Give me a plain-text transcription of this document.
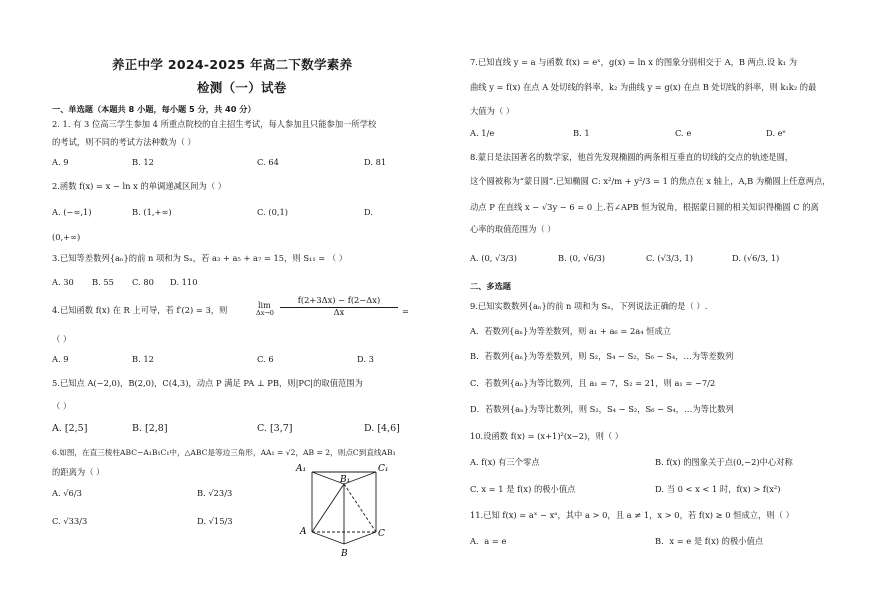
养正中学 2024-2025 年高二下数学素养
检测（一）试卷
一、单选题（本题共 8 小题，每小题 5 分，共 40 分）
2. 1. 有 3 位高三学生参加 4 所重点院校的自主招生考试，每人参加且只能参加一所学校
的考试，则不同的考试方法种数为（ ）
A. 9	B. 12	C. 64	D. 81
2.函数 f(x) = x − ln x 的单调递减区间为（ ）
A. (−∞,1)	B. (1,+∞)	C. (0,1)	D.
(0,+∞)
3.已知等差数列{aₙ}的前 n 项和为 Sₙ，若 a₃ + a₅ + a₇ = 15，则 S₁₁ = （ ）
A. 30 B. 55 C. 80 D. 110
4.已知函数 f(x) 在 R 上可导，若 f′(2) = 3，则	lim
$\Delta x\to 0 \frac{f(2+3\Delta x) - f(2-\Delta x)}{\Delta x}$ =
（ ）
A. 9	B. 12	C. 6	D. 3
5.已知点 A(−2,0)，B(2,0)，C(4,3)，动点 P 满足 PA ⊥ PB，则|PC|的取值范围为
（ ）
A. [2,5]	B. [2,8]	C. [3,7]	D. [4,6]
6.如图，在直三棱柱ABC−A₁B₁C₁中，△ABC是等边三角形，AA₁ = √2，AB = 2，则点C到直线AB₁
的距离为（ ）
A. √6/3	B. √23/3
C. √33/3	D. √15/3
A₁	C₁
B₁
A	C
B
7.已知直线 y = a 与函数 f(x) = eˣ，g(x) = ln x 的图象分别相交于 A，B 两点.设 k₁ 为
曲线 y = f(x) 在点 A 处切线的斜率，k₂ 为曲线 y = g(x) 在点 B 处切线的斜率，则 k₁k₂ 的最
大值为（ ）
A. 1/e	B. 1	C. e	D. eᵉ
8.蒙日是法国著名的数学家，他首先发现椭圆的两条相互垂直的切线的交点的轨迹是圆，
这个圆被称为“蒙日圆”.已知椭圆 C: x²/m + y²/3 = 1 的焦点在 x 轴上，A,B 为椭圆上任意两点，
动点 P 在直线 x − √3y − 6 = 0 上.若∠APB 恒为锐角，根据蒙日圆的相关知识得椭圆 C 的离
心率的取值范围为（ ）
A. (0, √3/3)	B. (0, √6/3)	C. (√3/3, 1)	D. (√6/3, 1)
二、多选题
9.已知实数数列{aₙ}的前 n 项和为 Sₙ，下列说法正确的是（ ）.
A．若数列{aₙ}为等差数列，则 a₁ + a₆ = 2a₄ 恒成立
B．若数列{aₙ}为等差数列，则 S₂，S₄ − S₂，S₆ − S₄，…为等差数列
C．若数列{aₙ}为等比数列，且 a₁ = 7，S₂ = 21，则 a₁ = −7/2
D．若数列{aₙ}为等比数列，则 S₂，S₄ − S₂，S₆ − S₄，…为等比数列
10.设函数 f(x) = (x+1)²(x−2)，则（ ）
A. f(x) 有三个零点	B. f(x) 的图象关于点(0,−2)中心对称
C. x = 1 是 f(x) 的极小值点	D. 当 0 < x < 1 时，f(x) > f(x²)
11.已知 f(x) = aˣ − xᵃ，其中 a > 0，且 a ≠ 1，x > 0，若 f(x) ≥ 0 恒成立，则（ ）
A．a = e	B．x = e 是 f(x) 的极小值点
